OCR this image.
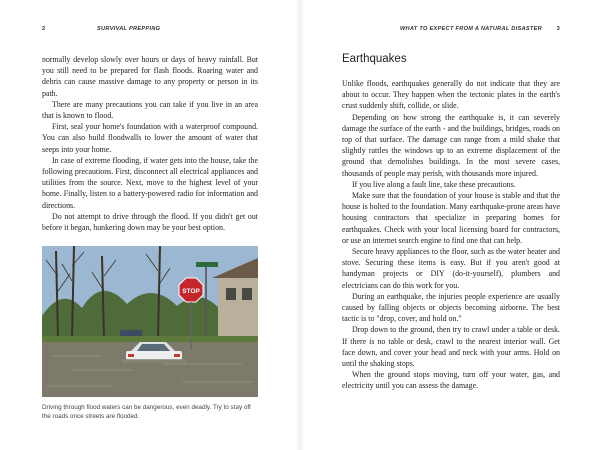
2	SURVIVAL PREPPING

normally develop slowly over hours or days of heavy rainfall. But you still need to be prepared for flash floods. Roaring water and debris can cause massive damage to any property or person in its path.

There are many precautions you can take if you live in an area that is known to flood.

First, seal your home's foundation with a waterproof compound. You can also build floodwalls to lower the amount of water that seeps into your home.

In case of extreme flooding, if water gets into the house, take the following precautions. First, disconnect all electrical appliances and utilities from the source. Next, move to the highest level of your home. Finally, listen to a battery-powered radio for information and directions.

Do not attempt to drive through the flood. If you didn't get out before it began, hunkering down may be your best option.

STOP
Driving through flood waters can be dangerous, even deadly. Try to stay off the roads once streets are flooded.
WHAT TO EXPECT FROM A NATURAL DISASTER	3
Earthquakes

Unlike floods, earthquakes generally do not indicate that they are about to occur. They happen when the tectonic plates in the earth's crust suddenly shift, collide, or slide.

Depending on how strong the earthquake is, it can severely damage the surface of the earth - and the buildings, bridges, roads on top of that surface. The damage can range from a mild shake that slightly rattles the windows up to an extreme displacement of the ground that demolishes buildings. In the most severe cases, thousands of people may perish, with thousands more injured.

If you live along a fault line, take these precautions.

Make sure that the foundation of your house is stable and that the house is bolted to the foundation. Many earthquake-prone areas have housing contractors that specialize in preparing homes for earthquakes. Check with your local licensing board for contractors, or use an internet search engine to find one that can help.

Secure heavy appliances to the floor, such as the water heater and stove. Securing these items is easy. But if you aren't good at handyman projects or DIY (do-it-yourself), plumbers and electricians can do this work for you.

During an earthquake, the injuries people experience are usually caused by falling objects or objects becoming airborne. The best tactic is to "drop, cover, and hold on."

Drop down to the ground, then try to crawl under a table or desk. If there is no table or desk, crawl to the nearest interior wall. Get face down, and cover your head and neck with your arms. Hold on until the shaking stops.

When the ground stops moving, turn off your water, gas, and electricity until you can assess the damage.
